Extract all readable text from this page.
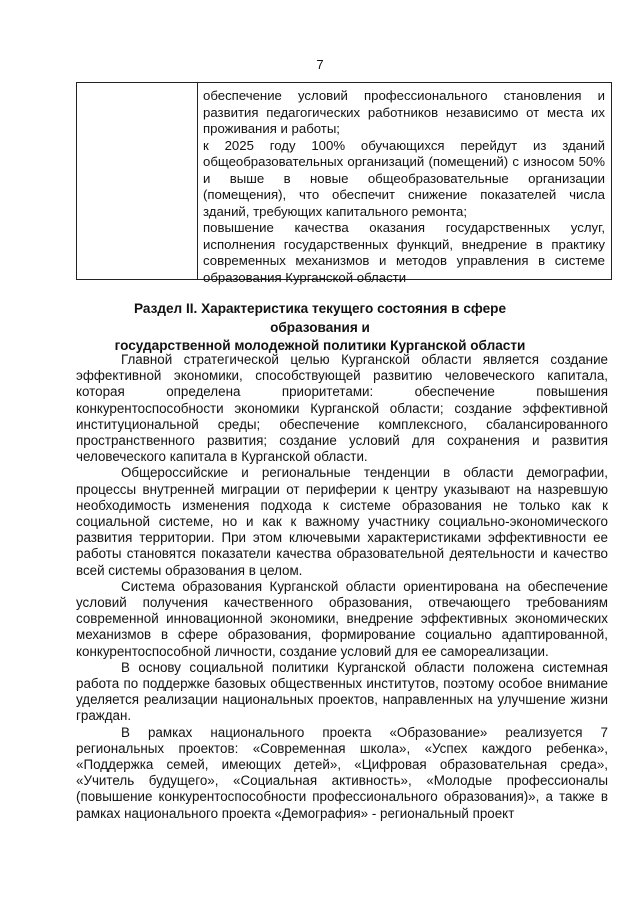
7

обеспечение условий профессионального становления и развития педагогических работников независимо от места их проживания и работы;

к 2025 году 100% обучающихся перейдут из зданий общеобразовательных организаций (помещений) с износом 50% и выше в новые общеобразовательные организации (помещения), что обеспечит снижение показателей числа зданий, требующих капитального ремонта;

повышение качества оказания государственных услуг, исполнения государственных функций, внедрение в практику современных механизмов и методов управления в системе образования Курганской области

Раздел II. Характеристика текущего состояния в сфере образования и
государственной молодежной политики Курганской области

Главной стратегической целью Курганской области является создание эффективной экономики, способствующей развитию человеческого капитала, которая определена приоритетами: обеспечение повышения конкурентоспособности экономики Курганской области; создание эффективной институциональной среды; обеспечение комплексного, сбалансированного пространственного развития; создание условий для сохранения и развития человеческого капитала в Курганской области.

Общероссийские и региональные тенденции в области демографии, процессы внутренней миграции от периферии к центру указывают на назревшую необходимость изменения подхода к системе образования не только как к социальной системе, но и как к важному участнику социально-экономического развития территории. При этом ключевыми характеристиками эффективности ее работы становятся показатели качества образовательной деятельности и качество всей системы образования в целом.

Система образования Курганской области ориентирована на обеспечение условий получения качественного образования, отвечающего требованиям современной инновационной экономики, внедрение эффективных экономических механизмов в сфере образования, формирование социально адаптированной, конкурентоспособной личности, создание условий для ее самореализации.

В основу социальной политики Курганской области положена системная работа по поддержке базовых общественных институтов, поэтому особое внимание уделяется реализации национальных проектов, направленных на улучшение жизни граждан.

В рамках национального проекта «Образование» реализуется 7 региональных проектов: «Современная школа», «Успех каждого ребенка», «Поддержка семей, имеющих детей», «Цифровая образовательная среда», «Учитель будущего», «Социальная активность», «Молодые профессионалы (повышение конкурентоспособности профессионального образования)», а также в рамках национального проекта «Демография» - региональный проект
